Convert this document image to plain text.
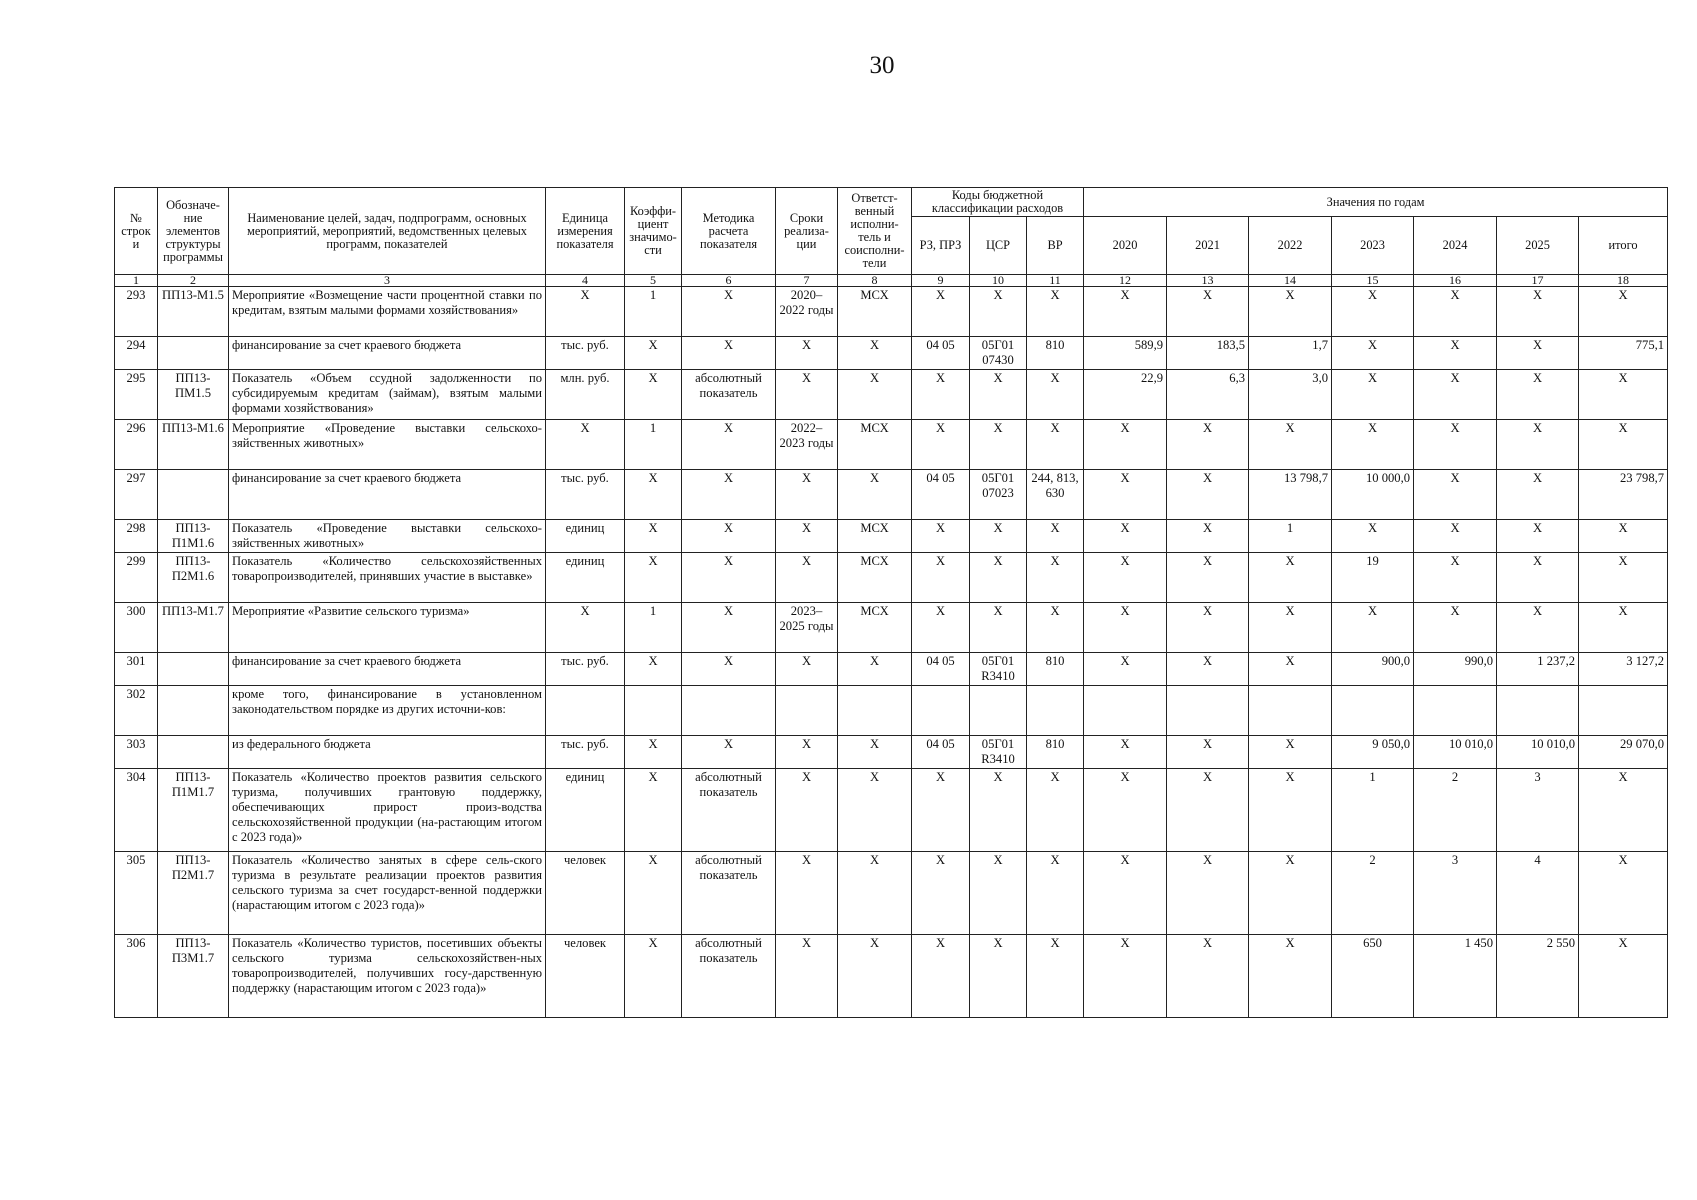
30
№ строки	Обозначе-ние элементов структуры программы	Наименование целей, задач, подпрограмм, основных мероприятий, мероприятий, ведомственных целевых программ, показателей	Единица измерения показателя	Коэффи-циент значимо-сти	Методика расчета показателя	Сроки реализа-ции	Ответст-венный исполни-тель и соисполни-тели	Коды бюджетной классификации расходов			Значения по годам						
								РЗ, ПРЗ	ЦСР	ВР	2020	2021	2022	2023	2024	2025	итого
1	2	3	4	5	6	7	8	9	10	11	12	13	14	15	16	17	18
293	ПП13-М1.5	Мероприятие «Возмещение части процентной ставки по кредитам, взятым малыми формами хозяйствования»	Х	1	Х	2020–2022 годы	МСХ	Х	Х	Х	Х	Х	Х	Х	Х	Х	Х
294		финансирование за счет краевого бюджета	тыс. руб.	Х	Х	Х	Х	04 05	05Г01 07430	810	589,9	183,5	1,7	Х	Х	Х	775,1
295	ПП13-ПМ1.5	Показатель «Объем ссудной задолженности по субсидируемым кредитам (займам), взятым малыми формами хозяйствования»	млн. руб.	Х	абсолютный показатель	Х	Х	Х	Х	Х	22,9	6,3	3,0	Х	Х	Х	Х
296	ПП13-М1.6	Мероприятие «Проведение выставки сельскохо-зяйственных животных»	Х	1	Х	2022–2023 годы	МСХ	Х	Х	Х	Х	Х	Х	Х	Х	Х	Х
297		финансирование за счет краевого бюджета	тыс. руб.	Х	Х	Х	Х	04 05	05Г01 07023	244, 813, 630	Х	Х	13 798,7	10 000,0	Х	Х	23 798,7
298	ПП13-П1М1.6	Показатель «Проведение выставки сельскохо-зяйственных животных»	единиц	Х	Х	Х	МСХ	Х	Х	Х	Х	Х	1	Х	Х	Х	Х
299	ПП13-П2М1.6	Показатель «Количество сельскохозяйственных товаропроизводителей, принявших участие в выставке»	единиц	Х	Х	Х	МСХ	Х	Х	Х	Х	Х	Х	19	Х	Х	Х
300	ПП13-М1.7	Мероприятие «Развитие сельского туризма»	Х	1	Х	2023–2025 годы	МСХ	Х	Х	Х	Х	Х	Х	Х	Х	Х	Х
301		финансирование за счет краевого бюджета	тыс. руб.	Х	Х	Х	Х	04 05	05Г01 R3410	810	Х	Х	Х	900,0	990,0	1 237,2	3 127,2
302		кроме того, финансирование в установленном законодательством порядке из других источни-ков:															
303		из федерального бюджета	тыс. руб.	Х	Х	Х	Х	04 05	05Г01 R3410	810	Х	Х	Х	9 050,0	10 010,0	10 010,0	29 070,0
304	ПП13-П1М1.7	Показатель «Количество проектов развития сельского туризма, получивших грантовую поддержку, обеспечивающих прирост произ-водства сельскохозяйственной продукции (на-растающим итогом с 2023 года)»	единиц	Х	абсолютный показатель	Х	Х	Х	Х	Х	Х	Х	Х	1	2	3	Х
305	ПП13-П2М1.7	Показатель «Количество занятых в сфере сель-ского туризма в результате реализации проектов развития сельского туризма за счет государст-венной поддержки (нарастающим итогом с 2023 года)»	человек	Х	абсолютный показатель	Х	Х	Х	Х	Х	Х	Х	Х	2	3	4	Х
306	ПП13-П3М1.7	Показатель «Количество туристов, посетивших объекты сельского туризма сельскохозяйствен-ных товаропроизводителей, получивших госу-дарственную поддержку (нарастающим итогом с 2023 года)»	человек	Х	абсолютный показатель	Х	Х	Х	Х	Х	Х	Х	Х	650	1 450	2 550	Х
